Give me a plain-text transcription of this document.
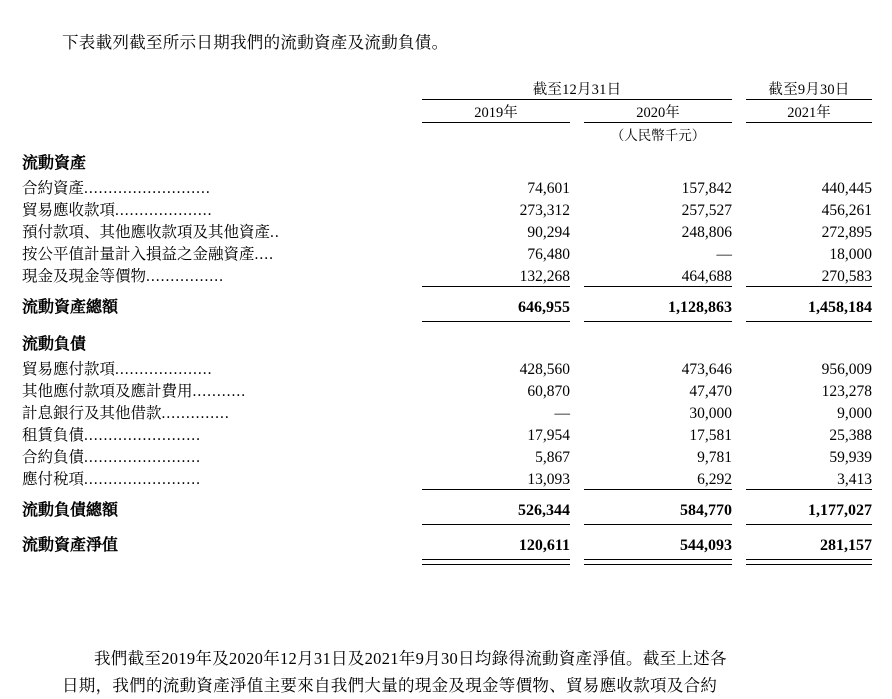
下表載列截至所示日期我們的流動資產及流動負債。
	截至12月31日				截至9月30日

	2019年		2020年		2021年

			（人民幣千元）		
流動資產					
合約資產..........................	74,601		157,842		440,445
貿易應收款項....................	273,312		257,527		456,261
預付款項、其他應收款項及其他資產..	90,294		248,806		272,895
按公平值計量計入損益之金融資產....	76,480		—		18,000
現金及現金等價物................	132,268		464,688		270,583

流動資產總額	646,955		1,128,863		1,458,184

流動負債					
貿易應付款項....................	428,560		473,646		956,009
其他應付款項及應計費用...........	60,870		47,470		123,278
計息銀行及其他借款..............	—		30,000		9,000
租賃負債........................	17,954		17,581		25,388
合約負債........................	5,867		9,781		59,939
應付稅項........................	13,093		6,292		3,413

流動負債總額	526,344		584,770		1,177,027

流動資產淨值	120,611		544,093		281,157

我們截至2019年及2020年12月31日及2021年9月30日均錄得流動資產淨值。截至上述各
日期，我們的流動資產淨值主要來自我們大量的現金及現金等價物、貿易應收款項及合約
